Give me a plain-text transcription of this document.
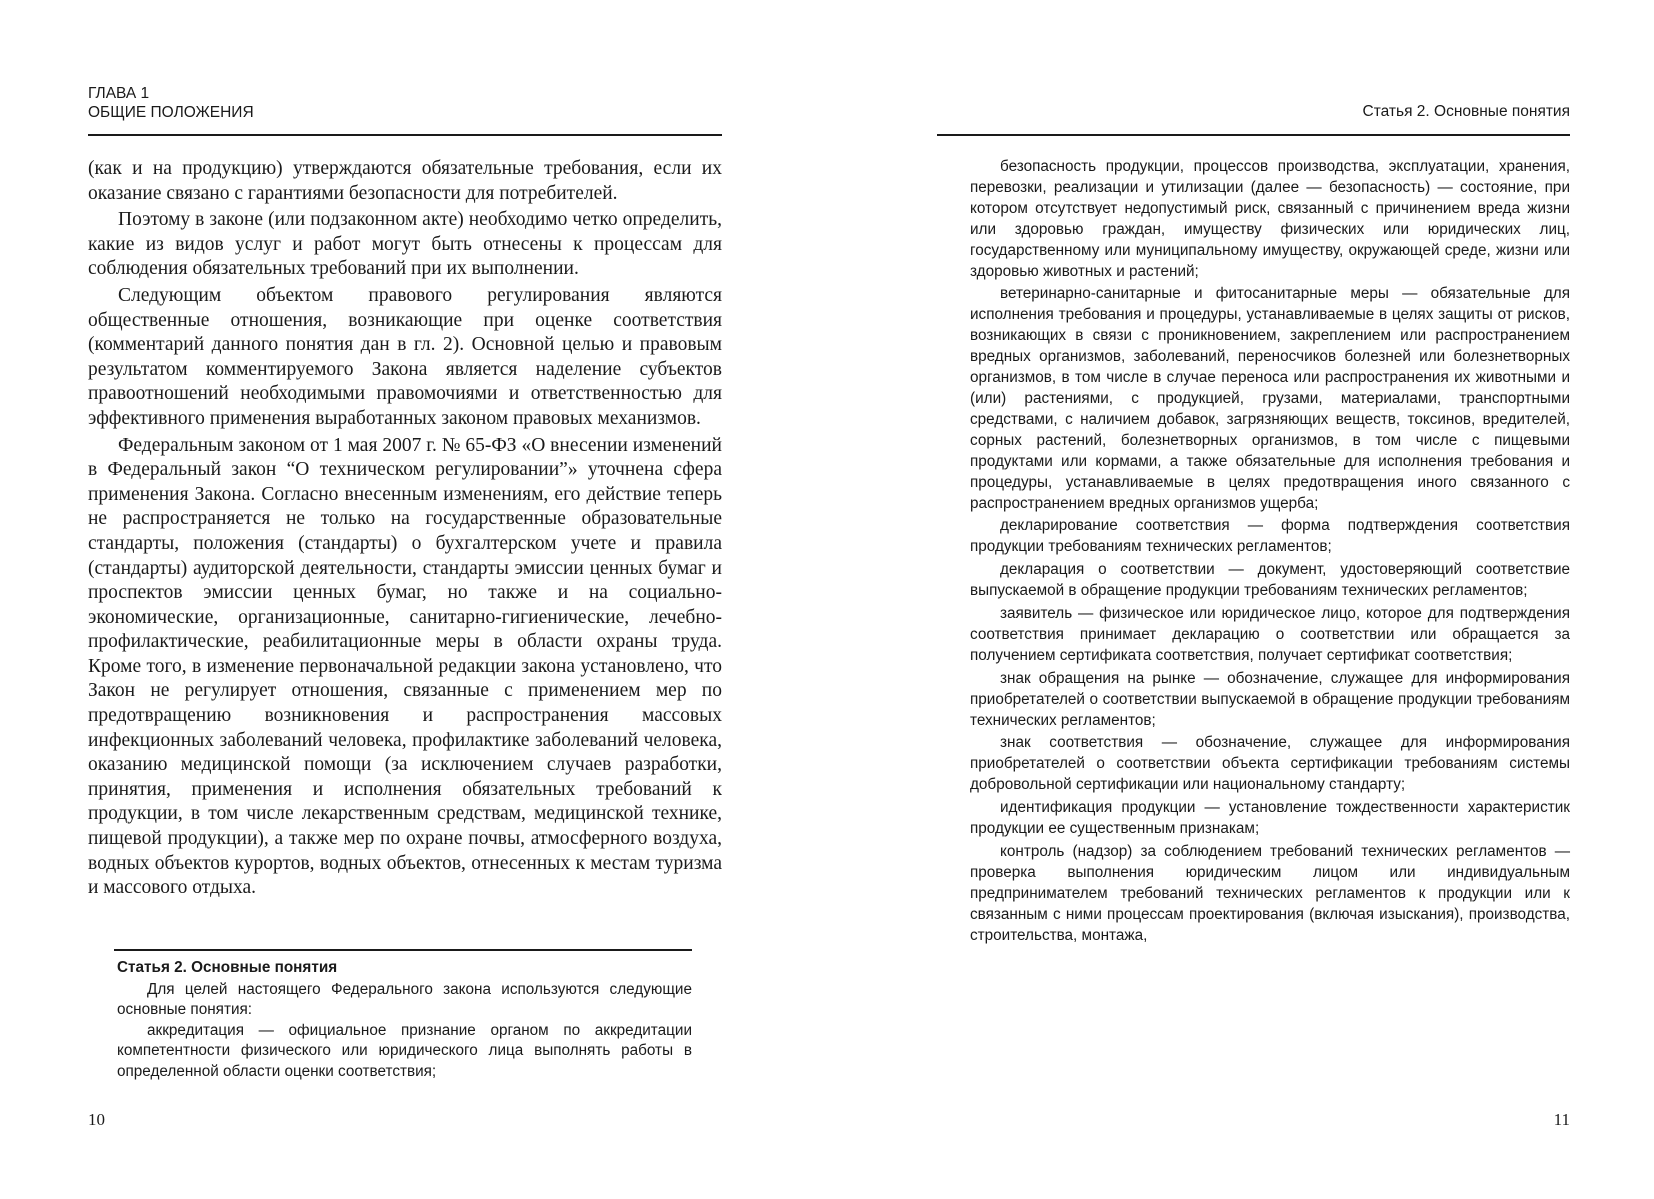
ГЛАВА 1
ОБЩИЕ ПОЛОЖЕНИЯ

(как и на продукцию) утверждаются обязательные требования, если их оказание связано с гарантиями безопасности для потребителей.

Поэтому в законе (или подзаконном акте) необходимо четко определить, какие из видов услуг и работ могут быть отнесены к процессам для соблюдения обязательных требований при их выполнении.

Следующим объектом правового регулирования являются общественные отношения, возникающие при оценке соответствия (комментарий данного понятия дан в гл. 2). Основной целью и правовым результатом комментируемого Закона является наделение субъектов правоотношений необходимыми правомочиями и ответственностью для эффективного применения выработанных законом правовых механизмов.

Федеральным законом от 1 мая 2007 г. № 65-ФЗ «О внесении изменений в Федеральный закон “О техническом регулировании”» уточнена сфера применения Закона. Согласно внесенным изменениям, его действие теперь не распространяется не только на государственные образовательные стандарты, положения (стандарты) о бухгалтерском учете и правила (стандарты) аудиторской деятельности, стандарты эмиссии ценных бумаг и проспектов эмиссии ценных бумаг, но также и на социально-экономические, организационные, санитарно-гигиенические, лечебно-профилактические, реабилитационные меры в области охраны труда. Кроме того, в изменение первоначальной редакции закона установлено, что Закон не регулирует отношения, связанные с применением мер по предотвращению возникновения и распространения массовых инфекционных заболеваний человека, профилактике заболеваний человека, оказанию медицинской помощи (за исключением случаев разработки, принятия, применения и исполнения обязательных требований к продукции, в том числе лекарственным средствам, медицинской технике, пищевой продукции), а также мер по охране почвы, атмосферного воздуха, водных объектов курортов, водных объектов, отнесенных к местам туризма и массового отдыха.

Статья 2. Основные понятия

Для целей настоящего Федерального закона используются следующие основные понятия:

аккредитация — официальное признание органом по аккредитации компетентности физического или юридического лица выполнять работы в определенной области оценки соответствия;

10
Статья 2. Основные понятия

безопасность продукции, процессов производства, эксплуатации, хранения, перевозки, реализации и утилизации (далее — безопасность) — состояние, при котором отсутствует недопустимый риск, связанный с причинением вреда жизни или здоровью граждан, имуществу физических или юридических лиц, государственному или муниципальному имуществу, окружающей среде, жизни или здоровью животных и растений;

ветеринарно-санитарные и фитосанитарные меры — обязательные для исполнения требования и процедуры, устанавливаемые в целях защиты от рисков, возникающих в связи с проникновением, закреплением или распространением вредных организмов, заболеваний, переносчиков болезней или болезнетворных организмов, в том числе в случае переноса или распространения их животными и (или) растениями, с продукцией, грузами, материалами, транспортными средствами, с наличием добавок, загрязняющих веществ, токсинов, вредителей, сорных растений, болезнетворных организмов, в том числе с пищевыми продуктами или кормами, а также обязательные для исполнения требования и процедуры, устанавливаемые в целях предотвращения иного связанного с распространением вредных организмов ущерба;

декларирование соответствия — форма подтверждения соответствия продукции требованиям технических регламентов;

декларация о соответствии — документ, удостоверяющий соответствие выпускаемой в обращение продукции требованиям технических регламентов;

заявитель — физическое или юридическое лицо, которое для подтверждения соответствия принимает декларацию о соответствии или обращается за получением сертификата соответствия, получает сертификат соответствия;

знак обращения на рынке — обозначение, служащее для информирования приобретателей о соответствии выпускаемой в обращение продукции требованиям технических регламентов;

знак соответствия — обозначение, служащее для информирования приобретателей о соответствии объекта сертификации требованиям системы добровольной сертификации или национальному стандарту;

идентификация продукции — установление тождественности характеристик продукции ее существенным признакам;

контроль (надзор) за соблюдением требований технических регламентов — проверка выполнения юридическим лицом или индивидуальным предпринимателем требований технических регламентов к продукции или к связанным с ними процессам проектирования (включая изыскания), производства, строительства, монтажа,

11
